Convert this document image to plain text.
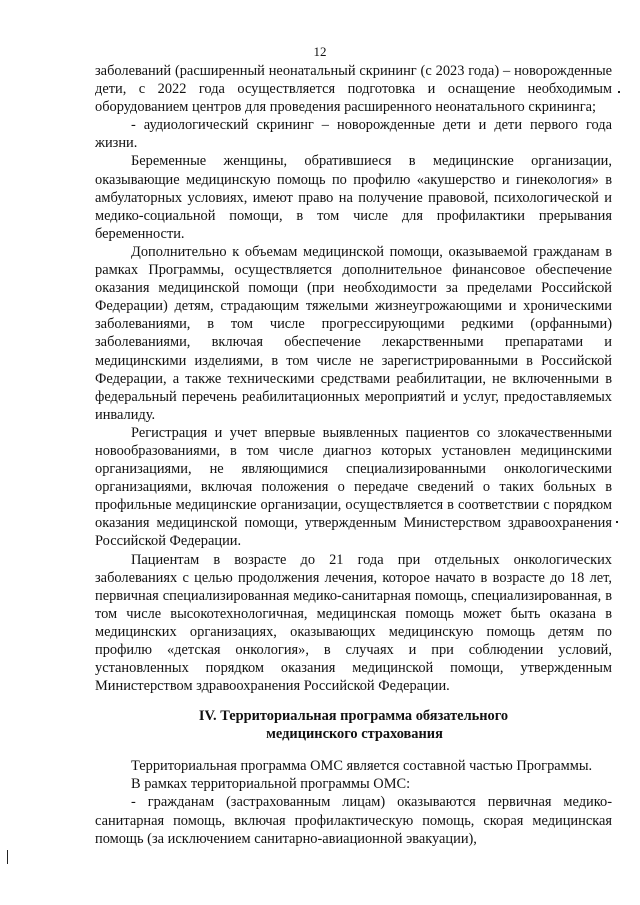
12

заболеваний (расширенный неонатальный скрининг (с 2023 года) – новорожденные дети, с 2022 года осуществляется подготовка и оснащение необходимым оборудованием центров для проведения расширенного неонатального скрининга;

- аудиологический скрининг – новорожденные дети и дети первого года жизни.

Беременные женщины, обратившиеся в медицинские организации, оказывающие медицинскую помощь по профилю «акушерство и гинекология» в амбулаторных условиях, имеют право на получение правовой, психологической и медико-социальной помощи, в том числе для профилактики прерывания беременности.

Дополнительно к объемам медицинской помощи, оказываемой гражданам в рамках Программы, осуществляется дополнительное финансовое обеспечение оказания медицинской помощи (при необходимости за пределами Российской Федерации) детям, страдающим тяжелыми жизнеугрожающими и хроническими заболеваниями, в том числе прогрессирующими редкими (орфанными) заболеваниями, включая обеспечение лекарственными препаратами и медицинскими изделиями, в том числе не зарегистрированными в Российской Федерации, а также техническими средствами реабилитации, не включенными в федеральный перечень реабилитационных мероприятий и услуг, предоставляемых инвалиду.

Регистрация и учет впервые выявленных пациентов со злокачественными новообразованиями, в том числе диагноз которых установлен медицинскими организациями, не являющимися специализированными онкологическими организациями, включая положения о передаче сведений о таких больных в профильные медицинские организации, осуществляется в соответствии с порядком оказания медицинской помощи, утвержденным Министерством здравоохранения Российской Федерации.

Пациентам в возрасте до 21 года при отдельных онкологических заболеваниях с целью продолжения лечения, которое начато в возрасте до 18 лет, первичная специализированная медико-санитарная помощь, специализированная, в том числе высокотехнологичная, медицинская помощь может быть оказана в медицинских организациях, оказывающих медицинскую помощь детям по профилю «детская онкология», в случаях и при соблюдении условий, установленных порядком оказания медицинской помощи, утвержденным Министерством здравоохранения Российской Федерации.

IV. Территориальная программа обязательного
медицинского страхования

Территориальная программа ОМС является составной частью Программы.

В рамках территориальной программы ОМС:

- гражданам (застрахованным лицам) оказываются первичная медико-санитарная помощь, включая профилактическую помощь, скорая медицинская помощь (за исключением санитарно-авиационной эвакуации),
